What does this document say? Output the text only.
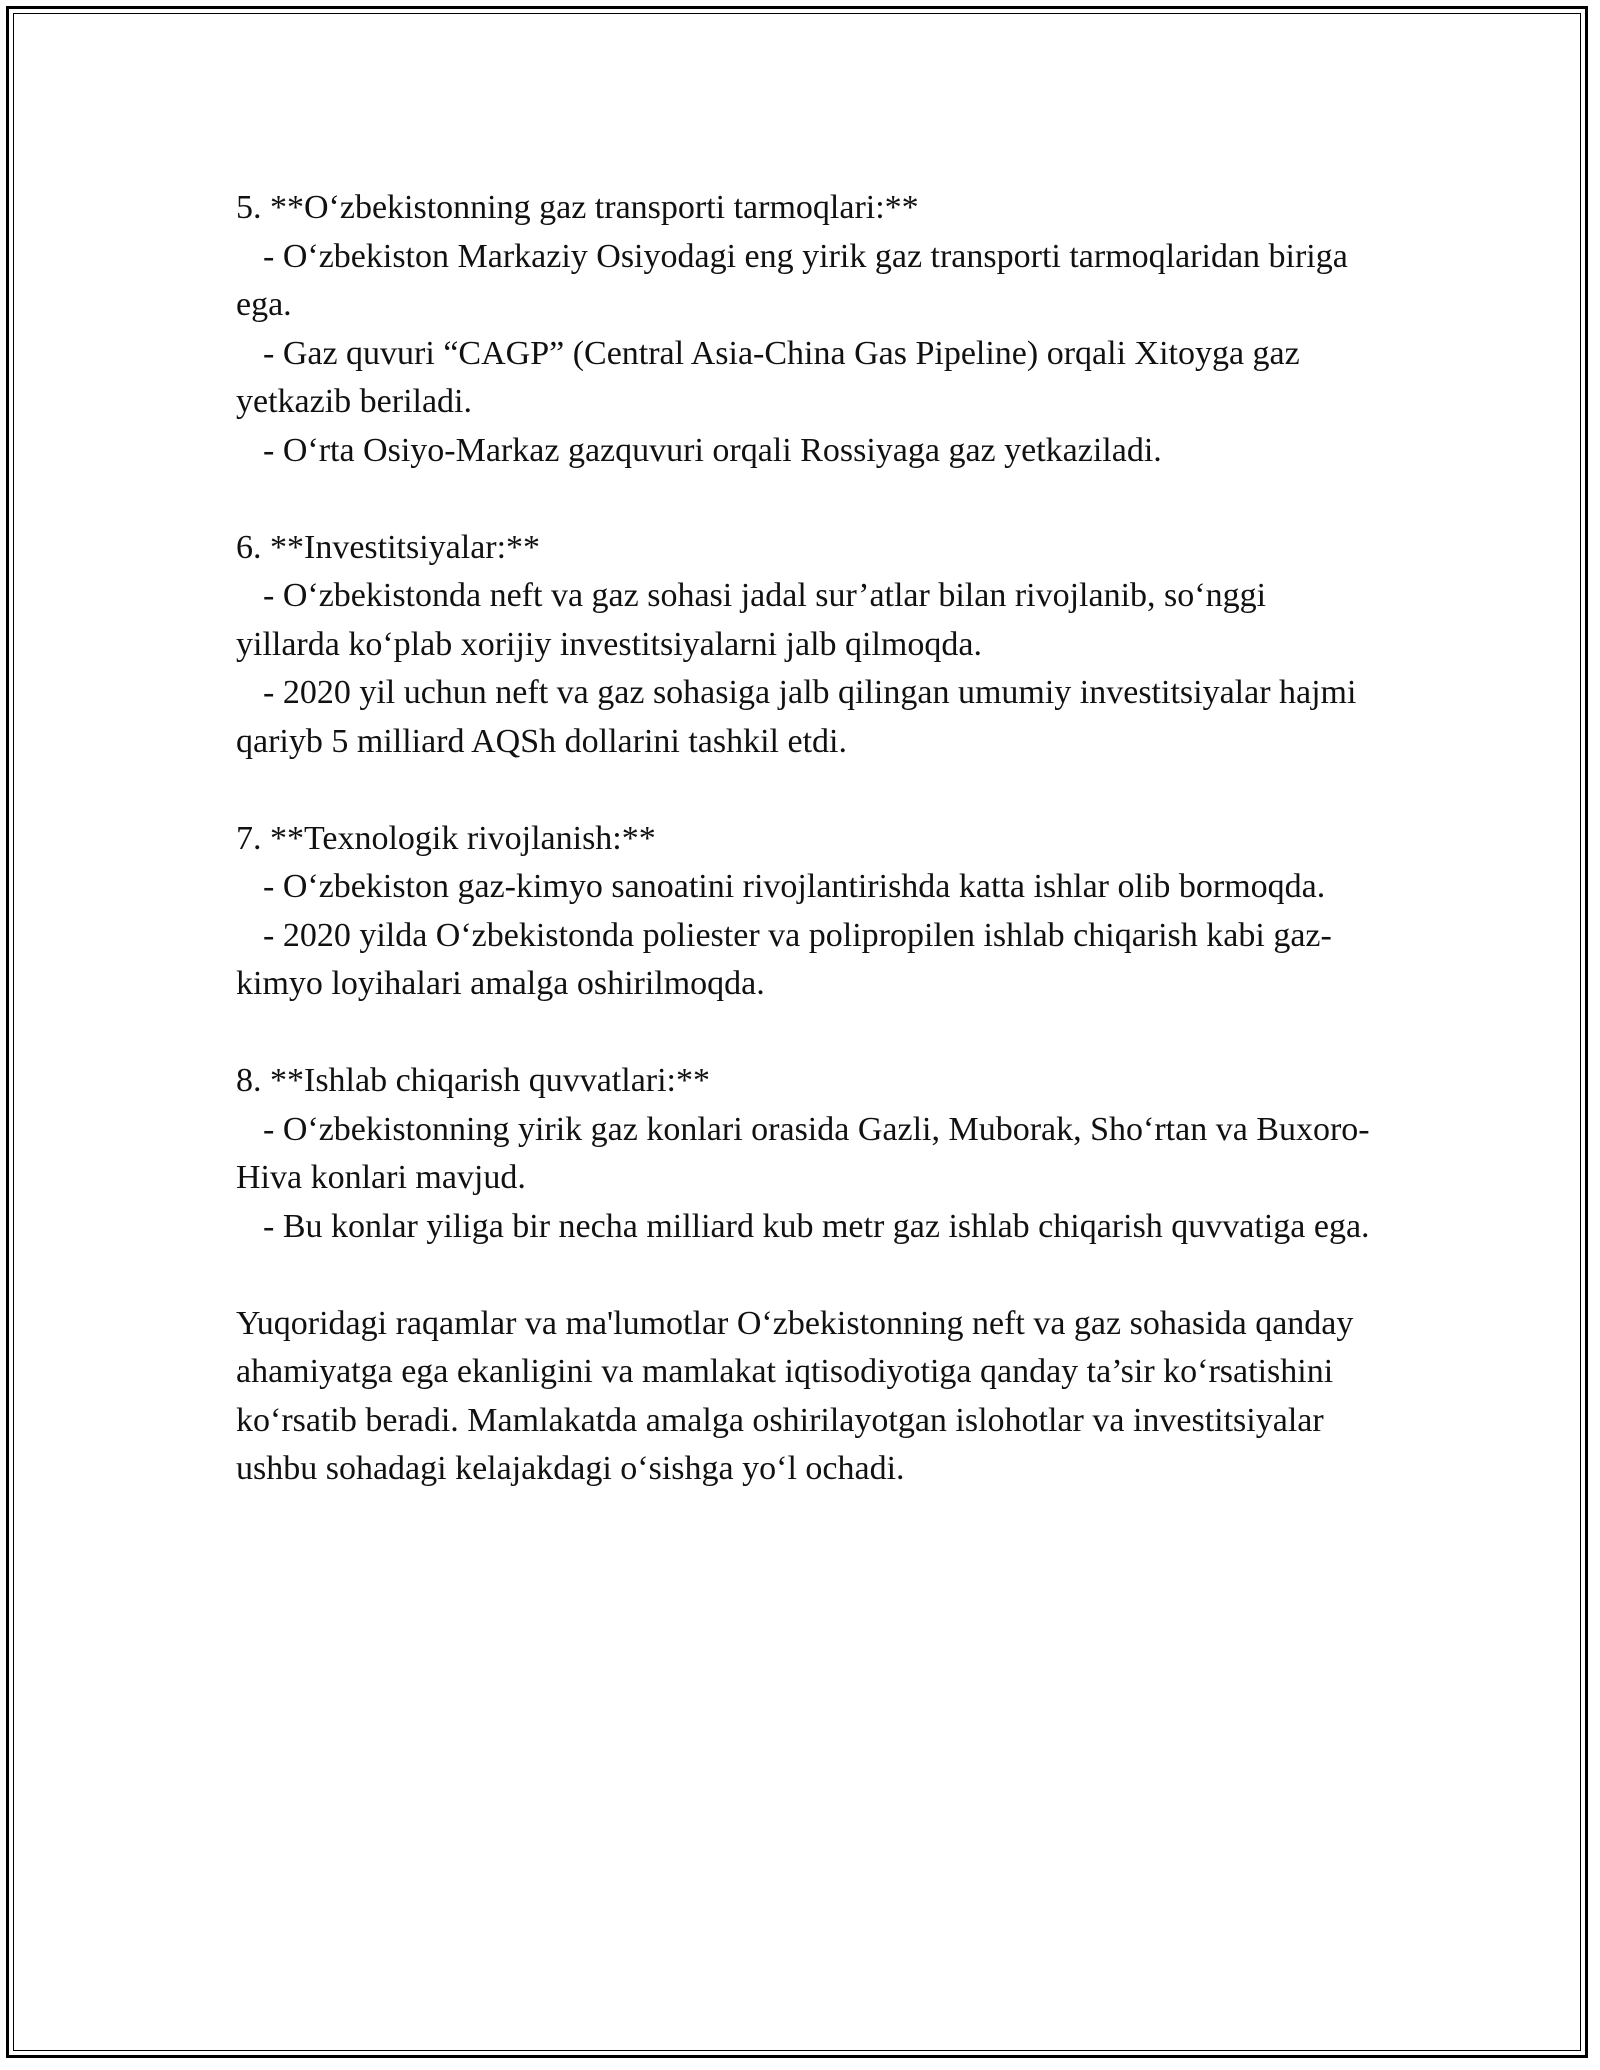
5. **O‘zbekistonning gaz transporti tarmoqlari:**
- O‘zbekiston Markaziy Osiyodagi eng yirik gaz transporti tarmoqlaridan biriga ega.
- Gaz quvuri “CAGP” (Central Asia-China Gas Pipeline) orqali Xitoyga gaz yetkazib beriladi.
- O‘rta Osiyo-Markaz gazquvuri orqali Rossiyaga gaz yetkaziladi.
6. **Investitsiyalar:**
- O‘zbekistonda neft va gaz sohasi jadal sur’atlar bilan rivojlanib, so‘nggi yillarda ko‘plab xorijiy investitsiyalarni jalb qilmoqda.
- 2020 yil uchun neft va gaz sohasiga jalb qilingan umumiy investitsiyalar hajmi qariyb 5 milliard AQSh dollarini tashkil etdi.
7. **Texnologik rivojlanish:**
- O‘zbekiston gaz-kimyo sanoatini rivojlantirishda katta ishlar olib bormoqda.
- 2020 yilda O‘zbekistonda poliester va polipropilen ishlab chiqarish kabi gaz-kimyo loyihalari amalga oshirilmoqda.
8. **Ishlab chiqarish quvvatlari:**
- O‘zbekistonning yirik gaz konlari orasida Gazli, Muborak, Sho‘rtan va Buxoro-Hiva konlari mavjud.
- Bu konlar yiliga bir necha milliard kub metr gaz ishlab chiqarish quvvatiga ega.

Yuqoridagi raqamlar va ma'lumotlar O‘zbekistonning neft va gaz sohasida qanday ahamiyatga ega ekanligini va mamlakat iqtisodiyotiga qanday ta’sir ko‘rsatishini ko‘rsatib beradi. Mamlakatda amalga oshirilayotgan islohotlar va investitsiyalar ushbu sohadagi kelajakdagi o‘sishga yo‘l ochadi.
